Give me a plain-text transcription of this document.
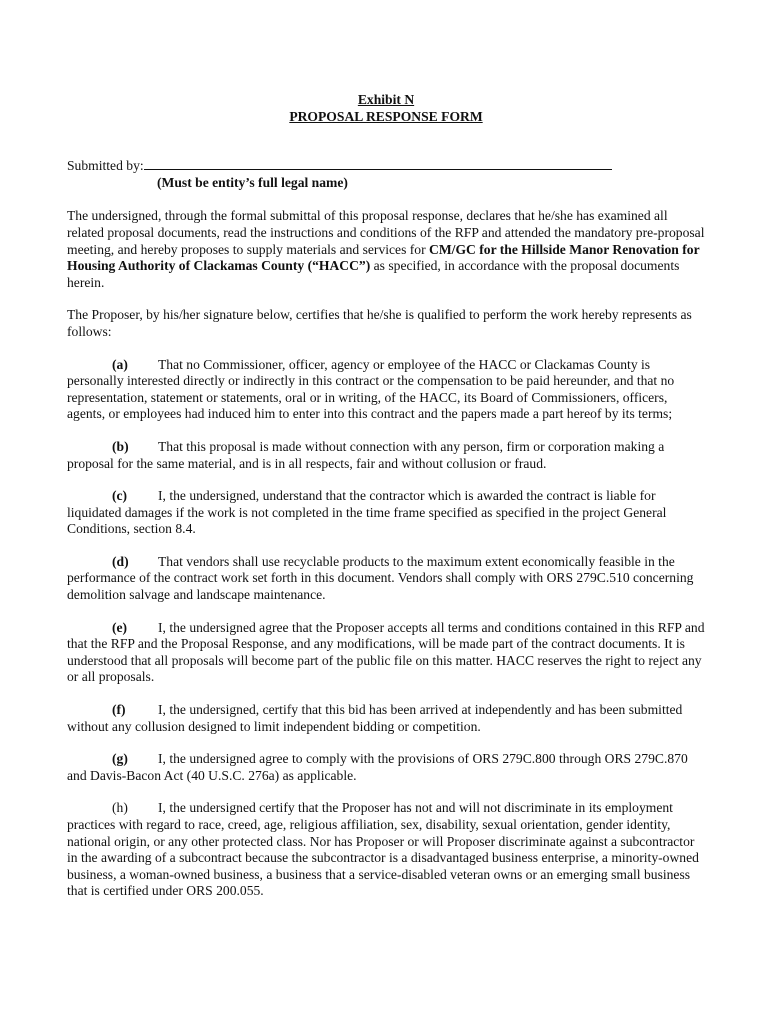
Exhibit N

PROPOSAL RESPONSE FORM

Submitted by:
(Must be entity’s full legal name)

The undersigned, through the formal submittal of this proposal response, declares that he/she has examined all related proposal documents, read the instructions and conditions of the RFP and attended the mandatory pre-proposal meeting, and hereby proposes to supply materials and services for CM/GC for the Hillside Manor Renovation for Housing Authority of Clackamas County (“HACC”) as specified, in accordance with the proposal documents herein.

The Proposer, by his/her signature below, certifies that he/she is qualified to perform the work hereby represents as follows:

(a) That no Commissioner, officer, agency or employee of the HACC or Clackamas County is personally interested directly or indirectly in this contract or the compensation to be paid hereunder, and that no representation, statement or statements, oral or in writing, of the HACC, its Board of Commissioners, officers, agents, or employees had induced him to enter into this contract and the papers made a part hereof by its terms;

(b) That this proposal is made without connection with any person, firm or corporation making a proposal for the same material, and is in all respects, fair and without collusion or fraud.

(c) I, the undersigned, understand that the contractor which is awarded the contract is liable for liquidated damages if the work is not completed in the time frame specified as specified in the project General Conditions, section 8.4.

(d) That vendors shall use recyclable products to the maximum extent economically feasible in the performance of the contract work set forth in this document. Vendors shall comply with ORS 279C.510 concerning demolition salvage and landscape maintenance.

(e) I, the undersigned agree that the Proposer accepts all terms and conditions contained in this RFP and that the RFP and the Proposal Response, and any modifications, will be made part of the contract documents. It is understood that all proposals will become part of the public file on this matter. HACC reserves the right to reject any or all proposals.

(f) I, the undersigned, certify that this bid has been arrived at independently and has been submitted without any collusion designed to limit independent bidding or competition.

(g) I, the undersigned agree to comply with the provisions of ORS 279C.800 through ORS 279C.870 and Davis-Bacon Act (40 U.S.C. 276a) as applicable.

(h) I, the undersigned certify that the Proposer has not and will not discriminate in its employment practices with regard to race, creed, age, religious affiliation, sex, disability, sexual orientation, gender identity, national origin, or any other protected class. Nor has Proposer or will Proposer discriminate against a subcontractor in the awarding of a subcontract because the subcontractor is a disadvantaged business enterprise, a minority-owned business, a woman-owned business, a business that a service-disabled veteran owns or an emerging small business that is certified under ORS 200.055.
